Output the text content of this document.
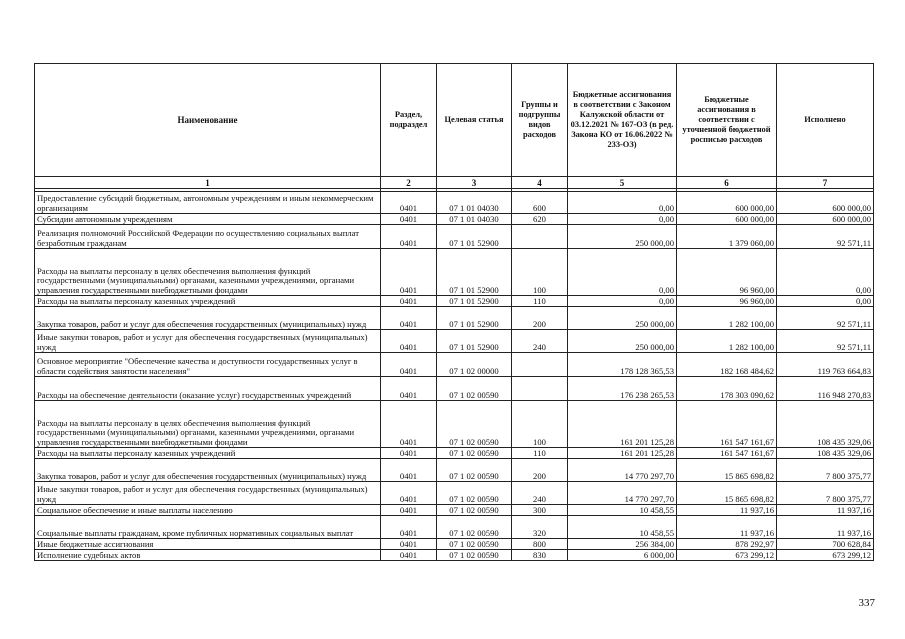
Наименование	Раздел, подраздел	Целевая статья	Группы и подгруппы видов расходов	Бюджетные ассигнования в соответствии с Законом Калужской области от 03.12.2021 № 167-ОЗ (в ред. Закона КО от 16.06.2022 № 233-ОЗ)	Бюджетные ассигнования в соответствии с уточненной бюджетной росписью расходов	Исполнено
1	2	3	4	5	6	7

Предоставление субсидий бюджетным, автономным учреждениям и иным некоммерческим организациям	0401	07 1 01 04030	600	0,00	600 000,00	600 000,00
Субсидии автономным учреждениям	0401	07 1 01 04030	620	0,00	600 000,00	600 000,00
Реализация полномочий Российской Федерации по осуществлению социальных выплат безработным гражданам	0401	07 1 01 52900		250 000,00	1 379 060,00	92 571,11
Расходы на выплаты персоналу в целях обеспечения выполнения функций государственными (муниципальными) органами, казенными учреждениями, органами управления государственными внебюджетными фондами	0401	07 1 01 52900	100	0,00	96 960,00	0,00
Расходы на выплаты персоналу казенных учреждений	0401	07 1 01 52900	110	0,00	96 960,00	0,00
Закупка товаров, работ и услуг для обеспечения государственных (муниципальных) нужд	0401	07 1 01 52900	200	250 000,00	1 282 100,00	92 571,11
Иные закупки товаров, работ и услуг для обеспечения государственных (муниципальных) нужд	0401	07 1 01 52900	240	250 000,00	1 282 100,00	92 571,11
Основное мероприятие "Обеспечение качества и доступности государственных услуг в области содействия занятости населения"	0401	07 1 02 00000		178 128 365,53	182 168 484,62	119 763 664,83
Расходы на обеспечение деятельности (оказание услуг) государственных учреждений	0401	07 1 02 00590		176 238 265,53	178 303 090,62	116 948 270,83
Расходы на выплаты персоналу в целях обеспечения выполнения функций государственными (муниципальными) органами, казенными учреждениями, органами управления государственными внебюджетными фондами	0401	07 1 02 00590	100	161 201 125,28	161 547 161,67	108 435 329,06
Расходы на выплаты персоналу казенных учреждений	0401	07 1 02 00590	110	161 201 125,28	161 547 161,67	108 435 329,06
Закупка товаров, работ и услуг для обеспечения государственных (муниципальных) нужд	0401	07 1 02 00590	200	14 770 297,70	15 865 698,82	7 800 375,77
Иные закупки товаров, работ и услуг для обеспечения государственных (муниципальных) нужд	0401	07 1 02 00590	240	14 770 297,70	15 865 698,82	7 800 375,77
Социальное обеспечение и иные выплаты населению	0401	07 1 02 00590	300	10 458,55	11 937,16	11 937,16
Социальные выплаты гражданам, кроме публичных нормативных социальных выплат	0401	07 1 02 00590	320	10 458,55	11 937,16	11 937,16
Иные бюджетные ассигнования	0401	07 1 02 00590	800	256 384,00	878 292,97	700 628,84
Исполнение судебных актов	0401	07 1 02 00590	830	6 000,00	673 299,12	673 299,12
337
